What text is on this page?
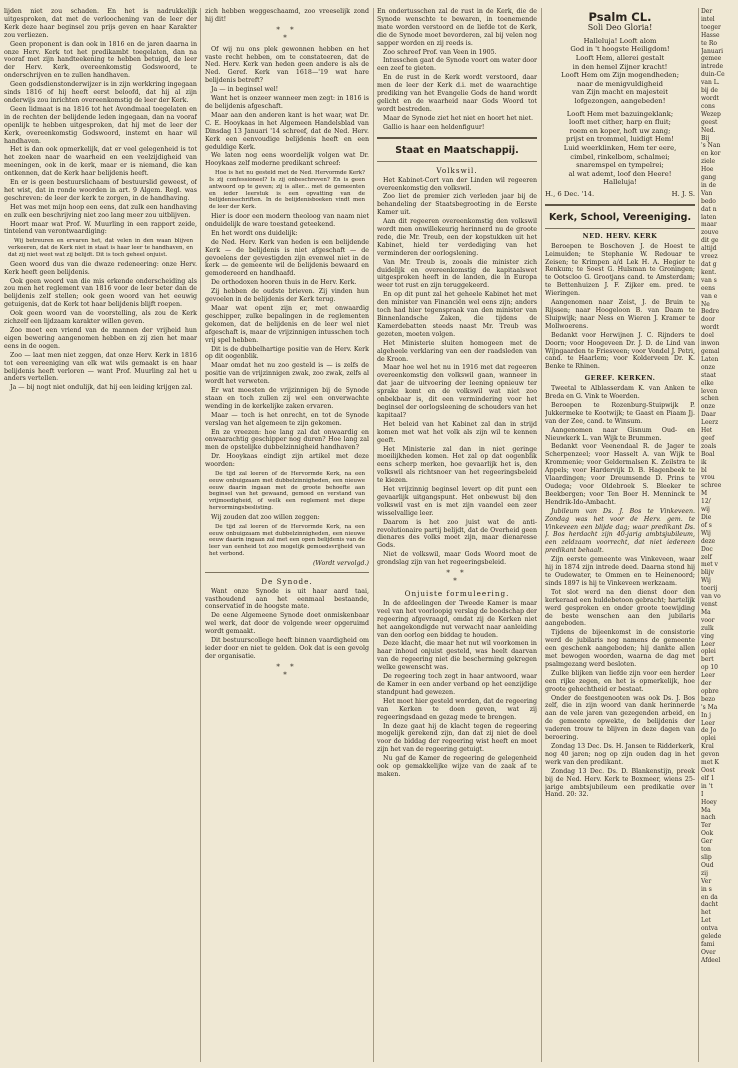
lijden niet zou schaden. En het is nadrukkelijk uitgesproken, dat met de verloochening van de leer der Kerk deze haar beginsel zou prijs geven en haar Karakter zou verliezen.

Geen proponent is dan ook in 1816 en de jaren daarna in onze Herv. Kerk tot het predikambt toegelaten, dan na vooraf met zijn handteekening te hebben betuigd, de leer der Herv. Kerk, overeenkomstig Godswoord, te onderschrijven en te zullen handhaven.

Geen godsdienstonderwijzer is in zijn werkkring ingegaan sinds 1816 of hij heeft eerst beloofd, dat hij al zijn onderwijs zou inrichten overeenkomstig de leer der Kerk.

Geen lidmaat is na 1816 tot het Avondmaal toegelaten en in de rechten der belijdende leden ingegaan, dan na vooraf openlijk te hebben uitgesproken, dat hij met de leer der Kerk, overeenkomstig Godswoord, instemt en haar wil handhaven.

Het is dan ook opmerkelijk, dat er veel gelegenheid is tot het zoeken naar de waarheid en een veelzijdigheid van meeningen, ook in de kerk, maar er is niemand, die kan ontkennen, dat de Kerk haar belijdenis heeft.

En er is geen bestuurslichaam of bestuurslid geweest, of het wist, dat in ronde woorden in art. 9 Algem. Regl. was geschreven: de leer der kerk te zorgen, in de handhaving.

Het was met mijn hoop een eens, dat zulk een handhaving en zulk een beschrijving niet zoo lang meer zou uitblijven.

Hoort maar wat Prof. W. Muurling in een rapport zeide, tintelend van verontwaardiging:

Wij betreuren en ervaren het, dat velen in den waan blijven verkeeren, dat de Kerk niet in staat is haar leer te handhaven, en dat zij niet weet wat zij belijdt. Dit is toch geheel onjuist.

Geen woord dus van die dwaze redeneering: onze Herv. Kerk heeft geen belijdenis.

Ook geen woord van die mis erkende onderscheiding als zou men het reglement van 1816 voor de leer beter dan de belijdenis zelf stellen; ook geen woord van het eeuwig getuigenis, dat de Kerk tot haar belijdenis blijft roepen.

Ook geen woord van de voorstelling, als zou de Kerk zichzelf een lijdzaam karakter willen geven.

Zoo moet een vriend van de mannen der vrijheid hun eigen bewering aangenomen hebben en zij zien het maar eens in de oogen.

Zoo — laat men niet zeggen, dat onze Herv. Kerk in 1816 tot een vereeniging van elk wat wils gemaakt is en haar belijdenis heeft verloren — want Prof. Muurling zal het u anders vertellen.

Ja — bij nogt niet ondulijk, dat hij een leiding krijgen zal.

zich hebben weggeschaamd, zoo vreeselijk zond hij dit!

* *
*

Of wij nu ons plek gewonnen hebben en het vaste recht hebben, om te constateeren, dat de Ned. Herv. Kerk van heden geen andere is als de Ned. Geref. Kerk van 1618—'19 wat hare belijdenis betreft?

Ja — in beginsel wel!

Want het is onzeer wanneer men zegt: in 1816 is de belijdenis afgeschaft.

Maar aan den anderen kant is het waar, wat Dr. C. E. Hooykaas in het Algemeen Handelsblad van Dinsdag 13 Januari '14 schreef, dat de Ned. Herv. Kerk een eenvoudige belijdenis heeft en een geduldige Kerk.

We laten nog eens woordelijk volgen wat Dr. Hooykaas zelf moderne predikant schreef:

Hoe is het nu gesteld met de Ned. Hervormde Kerk? Is zij confessioneel? Is zij onbeschreven? En is geen antwoord op te geven; zij is aller... met de gemeenten en ieder leerstuk is een opvatting van de belijdenisschriften. In de belijdenisboeken vindt men de leer der Kerk.

Hier is door een modern theoloog van naam niet onduidelijk de ware toestand geteekend.

En het wordt ons duidelijk:

de Ned. Herv. Kerk van heden is een belijdende Kerk — de belijdenis is niet afgeschaft — de gevoelens der gevestigden zijn evenwel niet in de kerk — de gemeente wil de belijdenis bewaard en gemodereerd en handhaafd.

De orthodoxen hooren thuis in de Herv. Kerk.

Zij hebben de oudste brieven. Zij vinden hun gevoelen in de belijdenis der Kerk terug.

Maar wat opent zijn er, met onwaardig geschipper, zulke bepalingen in de reglementen gekomen, dat de belijdenis en de leer wel niet afgeschaft is, maar de vrijzinnigen intusschen toch vrij spel hebben.

Dit is de dubbelhartige positie van de Herv. Kerk op dit oogenblik.

Maar omdat het nu zoo gesteld is — is zelfs de positie van de vrijzinnigen zwak, zoo zwak, zelfs al wordt het verweten.

Er wat moesten de vrijzinnigen bij de Synode staan en toch zullen zij wel een onverwachte wending in de kerkelijke zaken ervaren.

Maar — toch is het onrecht, en tot de Synode verslag van het algemeen te zijn gekomen.

En ze vreezen: hoe lang zal dat onwaardig en onwaarachtig geschipper nog duren? Hoe lang zal men de opstelijke dubbelzinnigheid handhaven?

Dr. Hooykaas eindigt zijn artikel met deze woorden:

De tijd zal leeren of de Hervormde Kerk, na een eeuw onbuigzaam met dubbelzinnigheden, een nieuwe eeuw daarin ingaan met de groote behoefte aan beginsel van het gewaand, gemoed en verstand van vrijmoedigheid, of welk een reglement met diepe hervormingsbeslisting.

Wij zouden dat zoo willen zeggen:

De tijd zal leeren of de Hervormde Kerk, na een eeuw onbuigzaam met dubbelzinnigheden, een nieuwe eeuw daarin ingaan zal met een open belijdenis van de leer van eenheid tot zoo mogelijk gemoedsvrijheid van het verbond.

(Wordt vervolgd.)

De Synode.

Want onze Synode is uit haar aard taai, vasthoudend aan het eenmaal bestaande, conservatief in de hoogste mate.

De eene Algemeene Synode doet onmiskenbaar wel werk, dat door de volgende weer opgeruimd wordt gemaakt.

Dit bestuurscollege heeft binnen vaardigheid om ieder door en niet te gelden. Ook dat is een gevolg der organisatie.

* *
*

En ondertusschen zal de rust in de Kerk, die de Synode wenschte te bewaren, in toenemende mate worden verstoord en de liefde tot de Kerk, die de Synode moet bevorderen, zal bij velen nog sapper worden en zij reeds is.

Zoo schreef Prof. van Veen in 1905.

Intusschen gaat de Synode voort om water door een zeef te gieten.

En de rust in de Kerk wordt verstoord, daar men de leer der Kerk d.i. met de waarachtige prediking van het Evangelie Gods de hand wordt gelicht en de waarheid naar Gods Woord tot wordt bestreden.

Maar de Synode ziet het niet en hoort het niet.

Gallio is haar een heldenfiguur!

Staat en Maatschappij.
Volkswil.

Het Kabinet-Cort van der Linden wil regeeren overeenkomstig den volkswil.

Zoo liet de premier zich verleden jaar bij de behandeling der Staatsbegrooting in de Eerste Kamer uit.

Aan dit regeeren overeenkomstig den volkswil wordt men onwillekeurig herinnerd nu de groote rede, die Mr. Treub, een der kopstukken uit het Kabinet, hield ter verdediging van het verminderen der oorlogslening.

Van Mr. Treub is, zooals die minister zich duidelijk en overeenkomstig de kapitaalswet uitgesproken heeft in de landen, die in Europa weer tot rust en zijn teruggekeerd.

En op dit punt zal het geheele Kabinet het met den minister van Financiën wel eens zijn; anders toch had hier tegenspraak van den minister van Binnenlandsche Zaken, die tijdens de Kamerdebatten steeds naast Mr. Treub was gezeten, moeten volgen.

Het Ministerie sluiten homogeen met de algeheele verklaring van een der raadsleden van de Kroon.

Maar hoe wel het nu in 1916 met dat regeeren overeenkomstig den volkswil gaan, wanneer in dat jaar de uitvoering der leening opnieuw ter sprake komt en de volkswil wat niet zoo onbekbaar is, dit een vermindering voor het beginsel der oorlogsleening de schouders van het kapitaal?

Het beleid van het Kabinet zal dan in strijd komen met wat het volk als zijn wil te kennen geeft.

Het Ministerie zal dan in niet geringe moeilijkheden komen. Het zal op dat oogenblik eens scherp merken, hoe gevaarlijk het is, den volkswil als richtsnoer van het regeeringsbeleid te kiezen.

Het vrijzinnig beginsel levert op dit punt een gevaarlijk uitgangspunt. Het onbewust bij den volkswil vast en is met zijn vaandel een zeer wisselvallige leer.

Daarom is het zoo juist wat de anti-revolutionaire partij belijdt, dat de Overheid geen dienares des volks moet zijn, maar dienaresse Gods.

Niet de volkswil, maar Gods Woord moet de grondslag zijn van het regeeringsbeleid.

* *
*
Onjuiste formuleering.

In de afdeelingen der Tweede Kamer is maar veel van het voorloopig verslag de boodschap der regeering afgevraagd, omdat zij de Kerken niet het aangekondigde nut verwacht naar aanleiding van den oorlog een biddag te houden.

Deze klacht, die maar het nut wil voorkomen in haar inhoud onjuist gesteld, was heelt daarvan van de regeering niet die bescherming gekregen welke gewenscht was.

De regeering toch zegt in haar antwoord, waar de Kamer in een ander verband op het eenzijdige standpunt had gewezen.

Het moet hier gesteld worden, dat de regeering van Kerken te doen geven, wat zij regeeringsdaad en gezag mede te brengen.

In deze gaat hij de klacht tegen de regeering mogelijk gerekend zijn, dan dat zij niet de doel voor de biddag der regeering wist heeft en moet zijn het van de regeering getuigt.

Nu gaf de Kamer de regeering de gelegenheid ook op gemakkelijke wijze van de zaak af te maken.

Psalm CL.
Soli Deo Gloria!
Halleluja! Looft alom
God in 't hoogste Heiligdom!
Looft Hem, allerei gestalt
in den hemel Zijner kracht!
Looft Hem om Zijn mogendheden;
naar de menigvuldigheid
van Zijn macht en majesteit
lofgezongen, aangebeden!
Looft Hem met bazuingeklank;
looft met cither, harp en fluit;
roem en koper, hoft uw zang;
prijst en trommel, luidigt Hem!
Luid weerklinken, Hem ter eere,
cimbel, rinkelbom, schalmei;
snaremspel en tympelrei;
al wat ademt, loof den Heere!
Halleluja!
H., 6 Dec. '14.	H. J. S.
Kerk, School, Vereeniging.
NED. HERV. KERK

Beroepen te Boschoven J. de Hoest te Leimuiden; te Stephanie W. Redouar te Zeisen; te Krimpen a/d Lek H. A. Hegier te Renkum; te Soest G. Hulsman te Groningen; te Ootscloo G. Grootjans cand. te Amsterdam; te Bettenhuizen J. F. Zijker em. pred. te Wieringen.

Aangenomen naar Zeist, J. de Bruin te Rijssen; naar Hoogeloon B. van Daam te Sluipwijk; naar Ness en Wieren J. Kramer te Mollwoerens.

Bedankt voor Herwijnen J. C. Rijnders te Doorn; voor Hoogeveen Dr. J. D. de Lind van Wijngaarden te Friesveen; voor Vondel J. Petri, cand. te Haarlem; voor Kolderveen Dr. K. Benke te Rhinen.

GEREF. KERKEN.

Tweetal te Alblasserdam K. van Anken te Breda en G. Vink te Woerden.

Beroepen te Rozenburg-Stuipwijk P. Jukkermeke te Kootwijk; te Gaast en Piaam Jj. van der Zee, cand. te Winsum.

Aangenomen naar Gisnum Oud- en Nieuwkerk L. van Wijk te Brummen.

Bedankt voor Veenendaal R. de Jager te Scherpenzeel; voor Hasselt A. van Wijk te Krommenie; voor Geldermalsen K. Zeilstra te Appels; voor Hardervijk D. B. Hagenbeek te Vlaardingen; voor Dreumsende D. Prins te Oudega; voor Oldebroek S. Bleeker te Beekbergen; voor Ten Boer H. Menninck te Hendrik-Ido-Ambacht.

Jubileum van Ds. J. Bos te Vinkeveen. Zondag was het voor de Herv. gem. te Vinkeveen een blijde dag; waar predikant Ds. J. Bos herdacht zijn 40-jarig ambtsjubileum, een zeldzaam voorrecht, dat niet iedereen predikant behaalt.

Zijn eerste gemeente was Vinkeveen, waar hij in 1874 zijn intrede deed. Daarna stond hij te Oudewater, te Ommen en te Heinenoord; sinds 1897 is hij te Vinkeveen werkzaam.

Tot slot werd na den dienst door den kerkeraad een huldebetoon gebracht; hartelijk werd gesproken en onder groote toewijding de beste wenschen aan den jubilaris aangeboden.

Tijdens de bijeenkomst in de consistorie werd de jubilaris nog namens de gemeente een geschenk aangeboden; hij dankte allen met bewogen woorden, waarna de dag met psalmgezang werd besloten.

Zulke blijken van liefde zijn voor een herder een rijke zegen, en het is opmerkelijk, hoe groote gehechtheid er bestaat.

Onder de feestgenooten was ook Ds. J. Bos zelf, die in zijn woord van dank herinnerde aan de vele jaren van gezegenden arbeid, en de gemeente opwekte, de belijdenis der vaderen trouw te blijven in deze dagen van beroering.

Zondag 13 Dec. Ds. H. Jansen te Ridderkerk, nog 40 jaren; nog op zijn ouden dag in het werk van den predikant.

Zondag 13 Dec. Ds. D. Blankenstijn, preek bij de Ned. Herv. Kerk te Boxmeer, wiens 25-jarige ambtsjubileum een predikatie over Hand. 20: 32.

Der
intel
toeger
Hasse
te Ro
Januari
gemee
intrede
duin-Ce
van L.
bij de
wordt
cons
Wezep
geest
Ned.
Bij
's Nan
en kor
ziele
Hoe
gang
in de
Van
bedo
dat n
laten
maar
zouve
dit ge
altijd
vreez
dat g
kent.
van s
eens
van e
Ne
Bedre
door
wordt
doel
inwon
gemal
Laten
onze
staat
elke
leven
schen
onze
Daar
Leerz
Het
geef
zoals
Boal
ik
bl
vrou
schree
M
12/
wij
Die
of s
Wij
deze
Doc
zelf
met v
blijv
Wij
toerij
van vo
venst
Ma
voor
zulk
ving
Leer
oplei
bert
op 10
Leer
der
opbre
bezo
's Ma
In j
Leer
de Jo
oplei
Kral
gevon
met K
Oost
elf 1
in 't
I
Hoey
Ma
nach
Ter
Ook
Ger
ton
slip
Oud
zij
Ver
in s
en da
dacht
het
Let
ontva
gelede
fami
Over
Afdeel
